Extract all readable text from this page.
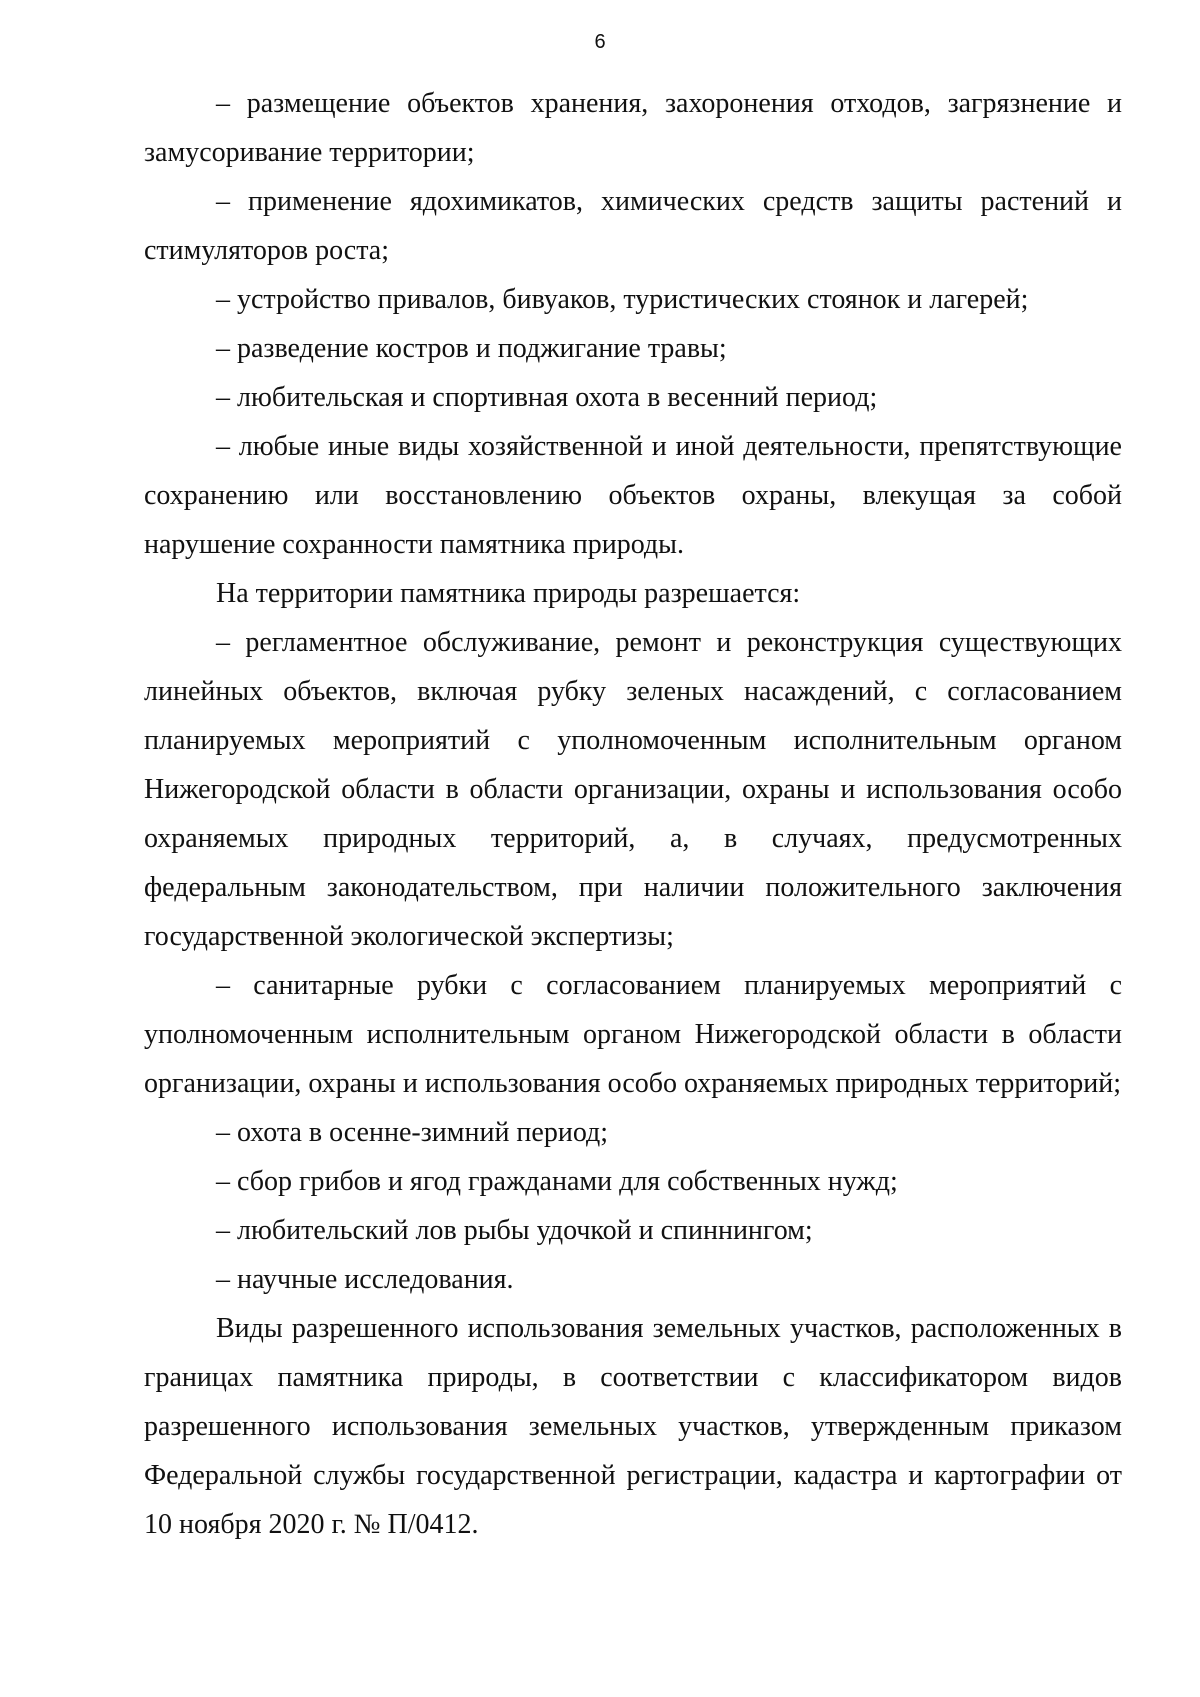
6

– размещение объектов хранения, захоронения отходов, загрязнение и замусоривание территории;

– применение ядохимикатов, химических средств защиты растений и стимуляторов роста;

– устройство привалов, бивуаков, туристических стоянок и лагерей;

– разведение костров и поджигание травы;

– любительская и спортивная охота в весенний период;

– любые иные виды хозяйственной и иной деятельности, препятствующие сохранению или восстановлению объектов охраны, влекущая за собой нарушение сохранности памятника природы.

На территории памятника природы разрешается:

– регламентное обслуживание, ремонт и реконструкция существующих линейных объектов, включая рубку зеленых насаждений, с согласованием планируемых мероприятий с уполномоченным исполнительным органом Нижегородской области в области организации, охраны и использования особо охраняемых природных территорий, а, в случаях, предусмотренных федеральным законодательством, при наличии положительного заключения государственной экологической экспертизы;

– санитарные рубки с согласованием планируемых мероприятий с уполномоченным исполнительным органом Нижегородской области в области организации, охраны и использования особо охраняемых природных территорий;

– охота в осенне-зимний период;

– сбор грибов и ягод гражданами для собственных нужд;

– любительский лов рыбы удочкой и спиннингом;

– научные исследования.

Виды разрешенного использования земельных участков, расположенных в границах памятника природы, в соответствии с классификатором видов разрешенного использования земельных участков, утвержденным приказом Федеральной службы государственной регистрации, кадастра и картографии от 10 ноября 2020 г. № П/0412.
